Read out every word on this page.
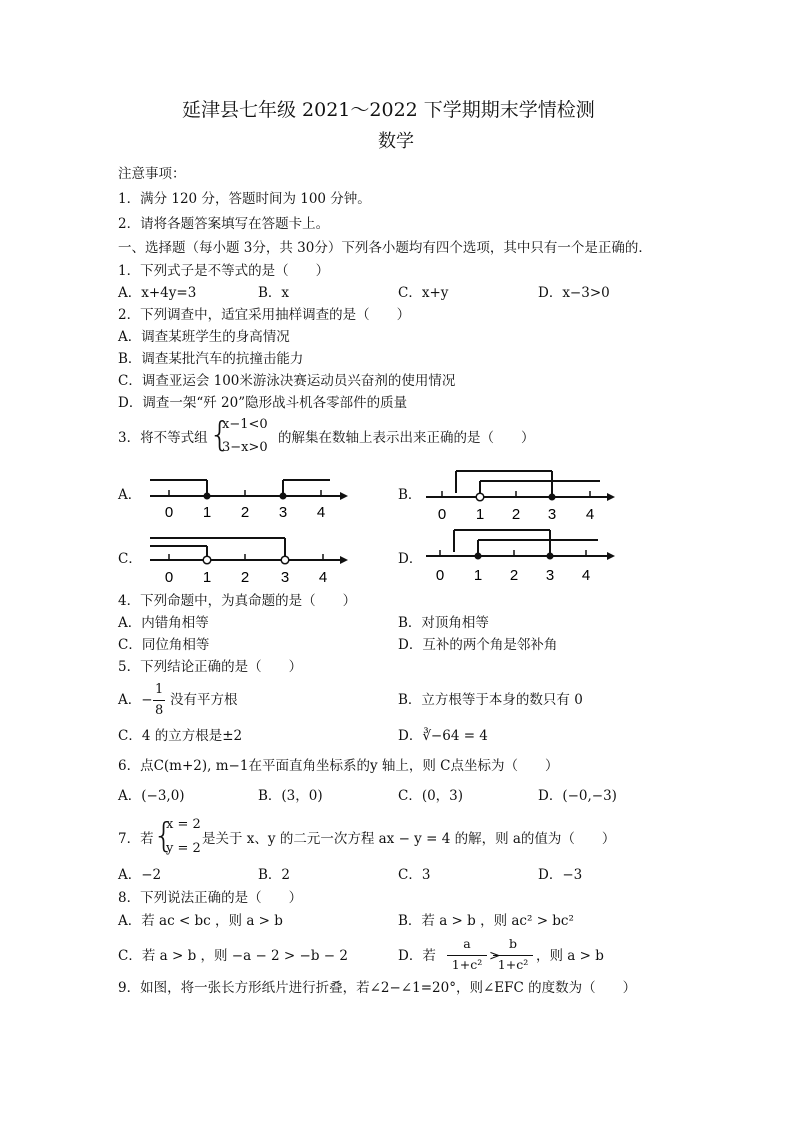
延津县七年级 2021～2022 下学期期末学情检测
数学
注意事项：
1．满分 120 分，答题时间为 100 分钟。
2．请将各题答案填写在答题卡上。
一、选择题（每小题 3分，共 30分）下列各小题均有四个选项，其中只有一个是正确的．
1．下列式子是不等式的是（　　）
A．x+4y=3	B．x	C．x+y	D．x−3>0
2．下列调查中，适宜采用抽样调查的是（　　）
A．调查某班学生的身高情况
B．调查某批汽车的抗撞击能力
C．调查亚运会 100米游泳决赛运动员兴奋剂的使用情况
D．调查一架“歼 20”隐形战斗机各零部件的质量
3．将不等式组 {
x−1<0
3−x>0
的解集在数轴上表示出来正确的是（　　）
A．	B．
C．	D．
0 1 2 3 4	0 1 2 3 4
0 1 2 3 4	0 1 2 3 4
4．下列命题中，为真命题的是（　　）
A．内错角相等	B．对顶角相等
C．同位角相等	D．互补的两个角是邻补角
5．下列结论正确的是（　　）
A．−
1
8
没有平方根	B．立方根等于本身的数只有 0
C．4 的立方根是±2	D．∛−64 = 4
6．点C(m+2), m−1在平面直角坐标系的y 轴上，则 C点坐标为（　　）
A．(−3,0)	B．(3，0)	C．(0，3)	D．(−0,−3)
7．若 {
x = 2
y = 2
是关于 x、y 的二元一次方程 ax − y = 4 的解，则 a的值为（　　）
A．−2	B．2	C．3	D．−3
8．下列说法正确的是（　　）
A．若 ac < bc ，则 a > b	B．若 a > b ，则 ac² > bc²
C．若 a > b ，则 −a − 2 > −b − 2	D．若
a
1+c²
>
b
1+c²
，则 a > b
9．如图，将一张长方形纸片进行折叠，若∠2−∠1=20°，则∠EFC 的度数为（　　）
